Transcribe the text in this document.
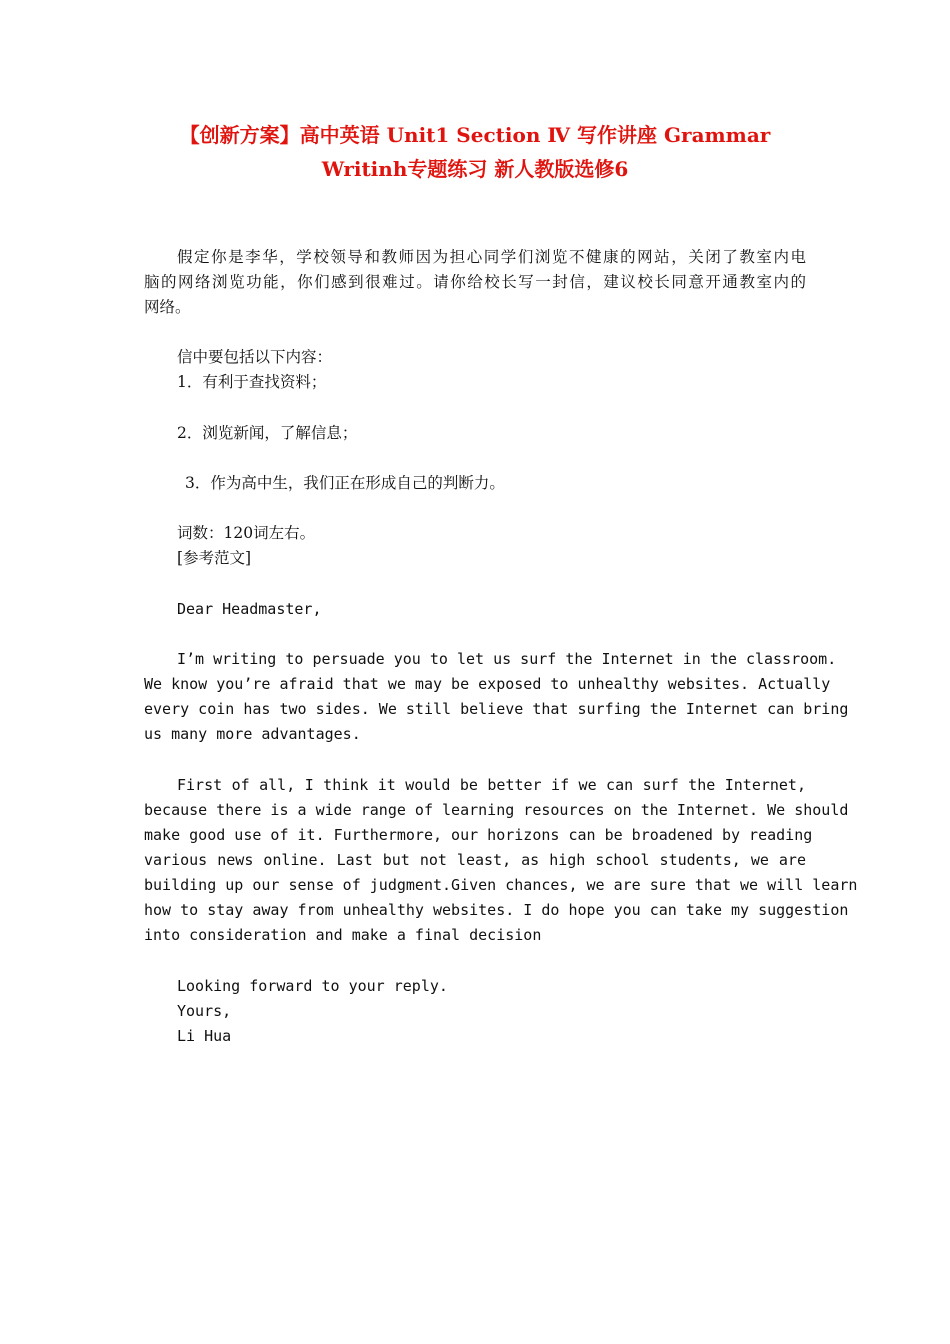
【创新方案】高中英语 Unit1 Section Ⅳ 写作讲座 Grammar
Writinh专题练习 新人教版选修6
假定你是李华，学校领导和教师因为担心同学们浏览不健康的网站，关闭了教室内电
脑的网络浏览功能，你们感到很难过。请你给校长写一封信，建议校长同意开通教室内的
网络。
信中要包括以下内容：
1．有利于查找资料；
2．浏览新闻，了解信息；
3．作为高中生，我们正在形成自己的判断力。
词数：120词左右。
[参考范文]
Dear Headmaster,
I’m writing to persuade you to let us surf the Internet in the classroom.
We know you’re afraid that we may be exposed to unhealthy websites. Actually
every coin has two sides. We still believe that surfing the Internet can bring
us many more advantages.
First of all, I think it would be better if we can surf the Internet,
because there is a wide range of learning resources on the Internet. We should
make good use of it. Furthermore, our horizons can be broadened by reading
various news online. Last but not least, as high school students, we are
building up our sense of judgment.Given chances, we are sure that we will learn
how to stay away from unhealthy websites. I do hope you can take my suggestion
into consideration and make a final decision
Looking forward to your reply.
Yours,
Li Hua
